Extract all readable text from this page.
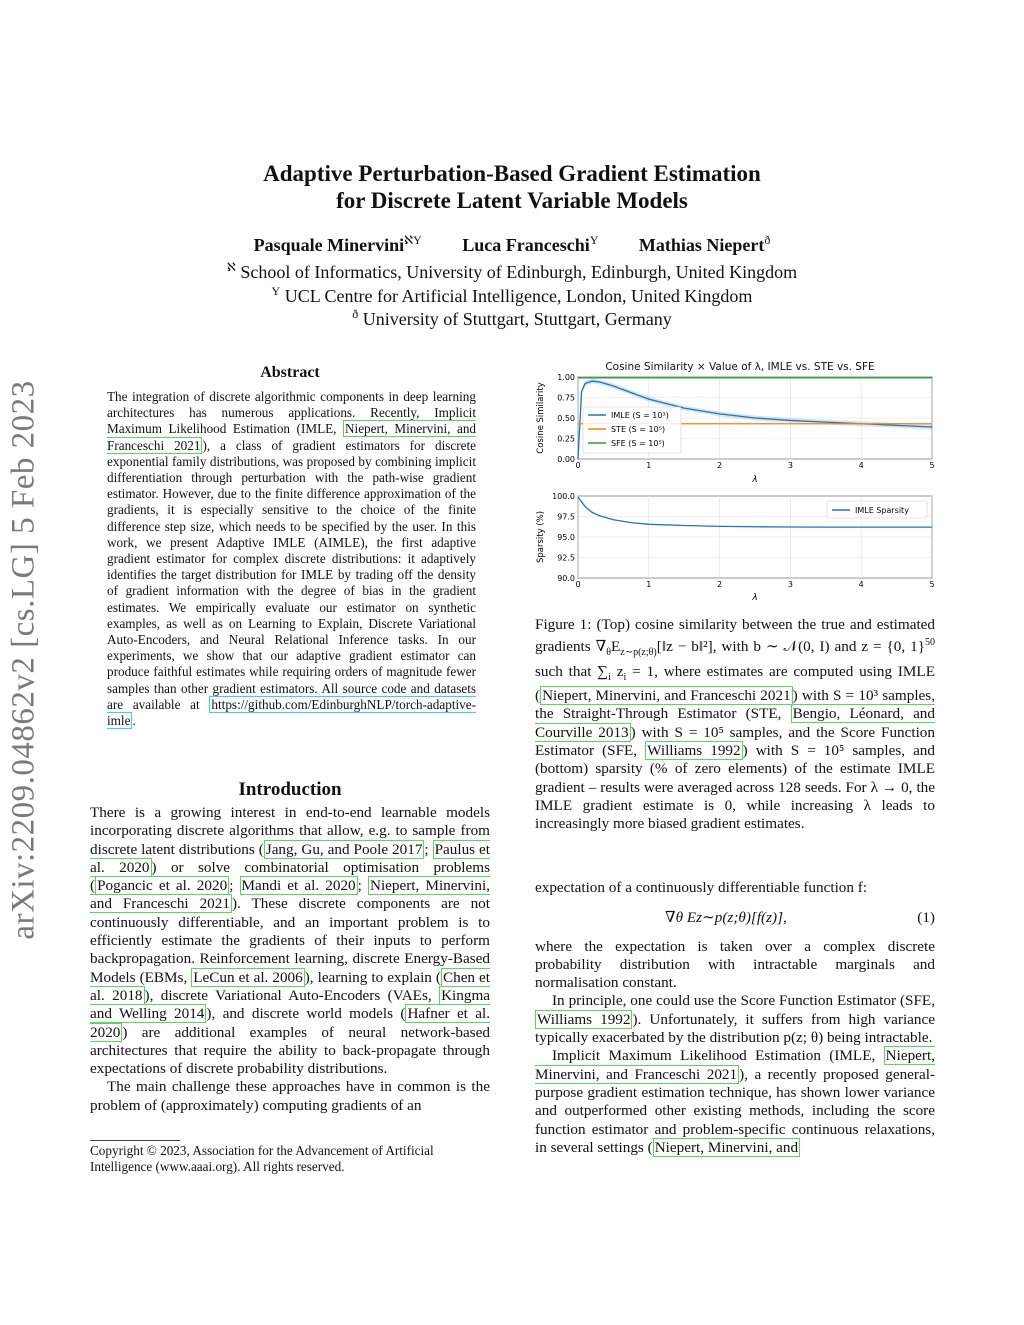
arXiv:2209.04862v2 [cs.LG] 5 Feb 2023
Adaptive Perturbation-Based Gradient Estimation
for Discrete Latent Variable Models
Pasquale Minervini$^{ℵ\Upsilon}$ Luca Franceschi$^\Upsilon$ Mathias Niepert$^ð$
$^ℵ$ School of Informatics, University of Edinburgh, Edinburgh, United Kingdom
$^\Upsilon$ UCL Centre for Artificial Intelligence, London, United Kingdom
$^ð$ University of Stuttgart, Stuttgart, Germany
Abstract
The integration of discrete algorithmic components in deep learning architectures has numerous applications. Recently, Implicit Maximum Likelihood Estimation (IMLE, Niepert, Minervini, and Franceschi 2021 ), a class of gradient estimators for discrete exponential family distributions, was proposed by combining implicit differentiation through perturbation with the path-wise gradient estimator. However, due to the finite difference approximation of the gradients, it is especially sensitive to the choice of the finite difference step size, which needs to be specified by the user. In this work, we present Adaptive IMLE (AIMLE), the first adaptive gradient estimator for complex discrete distributions: it adaptively identifies the target distribution for IMLE by trading off the density of gradient information with the degree of bias in the gradient estimates. We empirically evaluate our estimator on synthetic examples, as well as on Learning to Explain, Discrete Variational Auto-Encoders, and Neural Relational Inference tasks. In our experiments, we show that our adaptive gradient estimator can produce faithful estimates while requiring orders of magnitude fewer samples than other gradient estimators. All source code and datasets are available at https://github.com/EdinburghNLP/torch-adaptive-imle .
Introduction

There is a growing interest in end-to-end learnable models incorporating discrete algorithms that allow, e.g. to sample from discrete latent distributions ( Jang, Gu, and Poole 2017 ; Paulus et al. 2020 ) or solve combinatorial optimisation problems ( Pogancic et al. 2020 ; Mandi et al. 2020 ; Niepert, Minervini, and Franceschi 2021 ). These discrete components are not continuously differentiable, and an important problem is to efficiently estimate the gradients of their inputs to perform backpropagation. Reinforcement learning, discrete Energy-Based Models (EBMs, LeCun et al. 2006 ), learning to explain ( Chen et al. 2018 ), discrete Variational Auto-Encoders (VAEs, Kingma and Welling 2014 ), and discrete world models ( Hafner et al. 2020 ) are additional examples of neural network-based architectures that require the ability to back-propagate through expectations of discrete probability distributions.

The main challenge these approaches have in common is the problem of (approximately) computing gradients of an

Copyright © 2023, Association for the Advancement of Artificial Intelligence (www.aaai.org). All rights reserved.
Cosine Similarity × Value of λ, IMLE vs. STE vs. SFE
0	1	2	3	4	5
0.00
0.25
0.50
0.75
1.00
Cosine Similarity
λ
0	1	2	3	4	5
90.0
92.5
95.0
97.5
100.0
Sparsity (%)
λ
IMLE Sparsity
IMLE (S = 10³)
STE (S = 10⁵)
SFE (S = 10⁵)
Figure 1: (Top) cosine similarity between the true and estimated gradients $\nabla_\theta E_{z\sim p(z;\theta)}[‖z$ − b‖²], with b ∼ 𝒩(0, I) and z = {0, 1}$^{50}$ such that $\sum_i$ $z_i = 1$, where estimates are computed using IMLE ( Niepert, Minervini, and Franceschi 2021 ) with S = 10³ samples, the Straight-Through Estimator (STE, Bengio, Léonard, and Courville 2013 ) with S = 10⁵ samples, and the Score Function Estimator (SFE, Williams 1992 ) with S = 10⁵ samples, and (bottom) sparsity (% of zero elements) of the estimate IMLE gradient – results were averaged across 128 seeds. For λ → 0, the IMLE gradient estimate is 0, while increasing λ leads to increasingly more biased gradient estimates.

expectation of a continuously differentiable function f:

∇θ Ez∼p(z;θ)[f(z)],	(1)

where the expectation is taken over a complex discrete probability distribution with intractable marginals and normalisation constant.

In principle, one could use the Score Function Estimator (SFE, Williams 1992 ). Unfortunately, it suffers from high variance typically exacerbated by the distribution p(z; θ) being intractable.

Implicit Maximum Likelihood Estimation (IMLE, Niepert, Minervini, and Franceschi 2021 ), a recently proposed general-purpose gradient estimation technique, has shown lower variance and outperformed other existing methods, including the score function estimator and problem-specific continuous relaxations, in several settings ( Niepert, Minervini, and
